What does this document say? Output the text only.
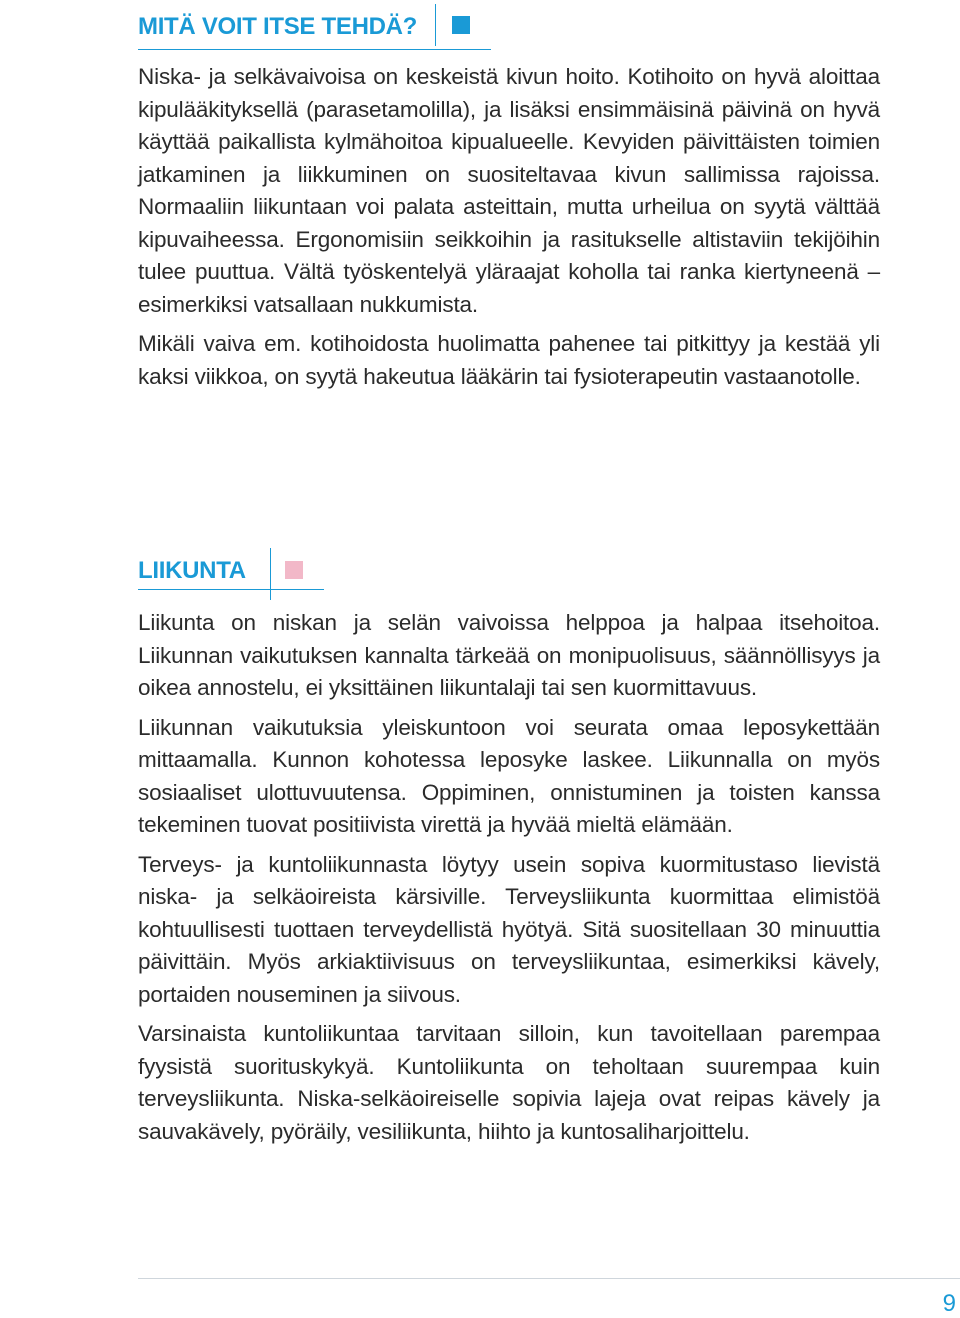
MITÄ VOIT ITSE TEHDÄ?

Niska- ja selkävaivoisa on keskeistä kivun hoito. Kotihoito on hyvä aloittaa kipulääkityksellä (parasetamolilla), ja lisäksi ensimmäisinä päivinä on hyvä käyttää paikallista kylmähoitoa kipualueelle. Kevyiden päivittäisten toimien jatkaminen ja liikkuminen on suositeltavaa kivun sallimissa rajoissa. Normaaliin liikuntaan voi palata asteittain, mutta urheilua on syytä välttää kipuvaiheessa. Ergonomisiin seikkoihin ja rasitukselle altistaviin tekijöihin tulee puuttua. Vältä työskentelyä yläraajat koholla tai ranka kiertyneenä – esimerkiksi vatsallaan nukkumista.

Mikäli vaiva em. kotihoidosta huolimatta pahenee tai pitkittyy ja kestää yli kaksi viikkoa, on syytä hakeutua lääkärin tai fysioterapeutin vastaanotolle.

LIIKUNTA

Liikunta on niskan ja selän vaivoissa helppoa ja halpaa itsehoitoa. Liikunnan vaikutuksen kannalta tärkeää on monipuolisuus, säännöllisyys ja oikea annostelu, ei yksittäinen liikuntalaji tai sen kuormittavuus.

Liikunnan vaikutuksia yleiskuntoon voi seurata omaa leposykettään mittaamalla. Kunnon kohotessa leposyke laskee. Liikunnalla on myös sosiaaliset ulottuvuutensa. Oppiminen, onnistuminen ja toisten kanssa tekeminen tuovat positiivista virettä ja hyvää mieltä elämään.

Terveys- ja kuntoliikunnasta löytyy usein sopiva kuormitustaso lievistä niska- ja selkäoireista kärsiville. Terveysliikunta kuormittaa elimistöä kohtuullisesti tuottaen terveydellistä hyötyä. Sitä suositellaan 30 minuuttia päivittäin. Myös arkiaktiivisuus on terveysliikuntaa, esimerkiksi kävely, portaiden nouseminen ja siivous.

Varsinaista kuntoliikuntaa tarvitaan silloin, kun tavoitellaan parempaa fyysistä suorituskykyä. Kuntoliikunta on teholtaan suurempaa kuin terveysliikunta. Niska-selkäoireiselle sopivia lajeja ovat reipas kävely ja sauvakävely, pyöräily, vesiliikunta, hiihto ja kuntosaliharjoittelu.

9
